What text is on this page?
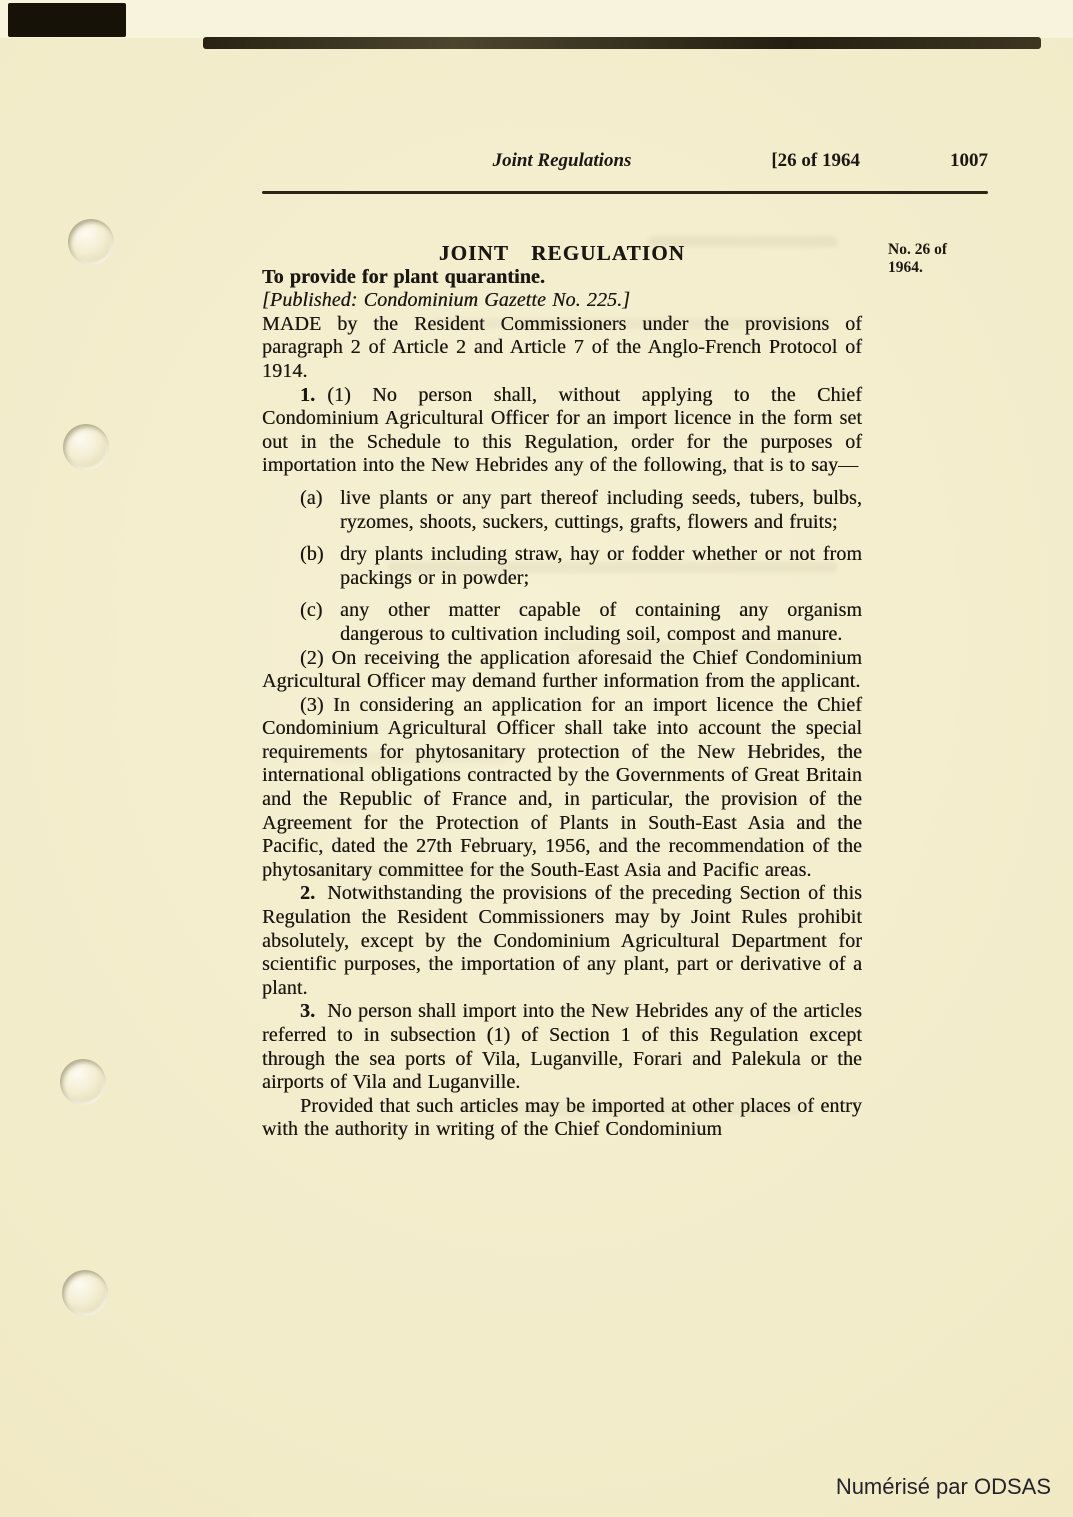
Joint Regulations	[26 of 1964	1007
No. 26 of 1964.
JOINT REGULATION

To provide for plant quarantine.

[Published: Condominium Gazette No. 225.]

MADE by the Resident Commissioners under the provisions of paragraph 2 of Article 2 and Article 7 of the Anglo-French Protocol of 1914.

1. (1) No person shall, without applying to the Chief Condominium Agricultural Officer for an import licence in the form set out in the Schedule to this Regulation, order for the purposes of importation into the New Hebrides any of the following, that is to say—

(a) live plants or any part thereof including seeds, tubers, bulbs, ryzomes, shoots, suckers, cuttings, grafts, flowers and fruits;
(b) dry plants including straw, hay or fodder whether or not from packings or in powder;
(c) any other matter capable of containing any organism dangerous to cultivation including soil, compost and manure.

(2) On receiving the application aforesaid the Chief Condominium Agricultural Officer may demand further information from the applicant.

(3) In considering an application for an import licence the Chief Condominium Agricultural Officer shall take into account the special requirements for phytosanitary protection of the New Hebrides, the international obligations contracted by the Governments of Great Britain and the Republic of France and, in particular, the provision of the Agreement for the Protection of Plants in South-East Asia and the Pacific, dated the 27th February, 1956, and the recommendation of the phytosanitary committee for the South-East Asia and Pacific areas.

2. Notwithstanding the provisions of the preceding Section of this Regulation the Resident Commissioners may by Joint Rules prohibit absolutely, except by the Condominium Agricultural Department for scientific purposes, the importation of any plant, part or derivative of a plant.

3. No person shall import into the New Hebrides any of the articles referred to in subsection (1) of Section 1 of this Regulation except through the sea ports of Vila, Luganville, Forari and Palekula or the airports of Vila and Luganville.

Provided that such articles may be imported at other places of entry with the authority in writing of the Chief Condominium

Numérisé par ODSAS
